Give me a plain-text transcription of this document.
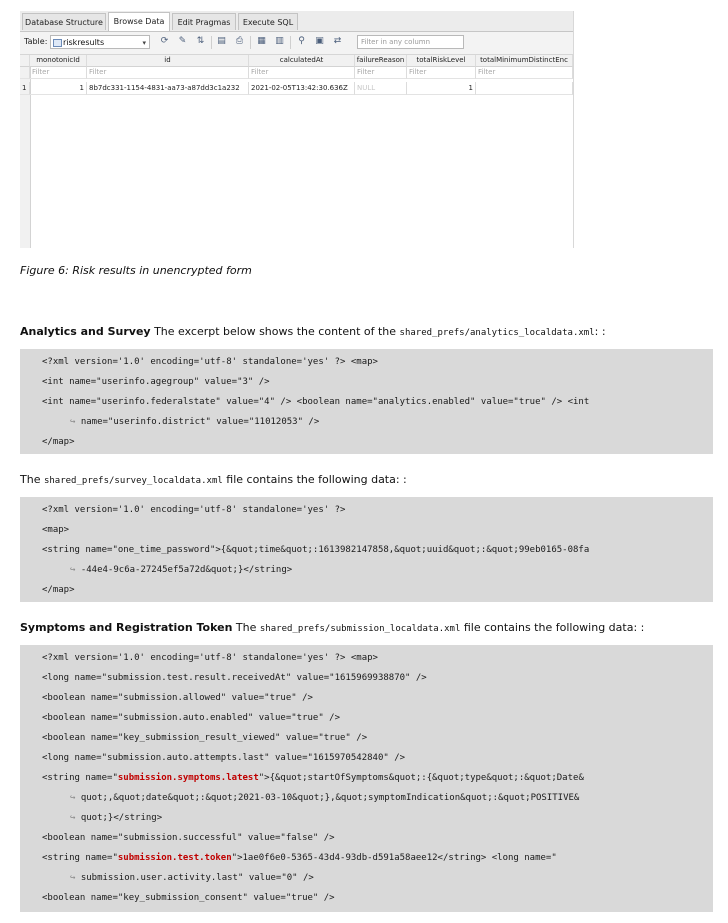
Database Structure	Browse Data	Edit Pragmas	Execute SQL
Table:	riskresults	▾ ⟳ ✎ ⇅ ▤ ⎙ ▦ ▥ ⚲ ▣ ⇄	Filter in any column
monotonicId	id	calculatedAt	failureReason	totalRiskLevel	totalMinimumDistinctEnc
Filter	Filter	Filter	Filter	Filter	Filter
1	1 8b7dc331-1154-4831-aa73-a87dd3c1a232	2021-02-05T13:42:30.636Z	NULL	1
Figure 6: Risk results in unencrypted form
Analytics and Survey The excerpt below shows the content of the shared_prefs/analytics_localdata.xml: :
<?xml version='1.0' encoding='utf-8' standalone='yes' ?> <map>
<int name="userinfo.agegroup" value="3" />
<int name="userinfo.federalstate" value="4" /> <boolean name="analytics.enabled" value="true" /> <int
↪ name="userinfo.district" value="11012053" />
</map>
The shared_prefs/survey_localdata.xml file contains the following data: :
<?xml version='1.0' encoding='utf-8' standalone='yes' ?>
<map>
<string name="one_time_password">{&quot;time&quot;:1613982147858,&quot;uuid&quot;:&quot;99eb0165-08fa
↪ -44e4-9c6a-27245ef5a72d&quot;}</string>
</map>
Symptoms and Registration Token The shared_prefs/submission_localdata.xml file contains the following data: :
<?xml version='1.0' encoding='utf-8' standalone='yes' ?> <map>
<long name="submission.test.result.receivedAt" value="1615969938870" />
<boolean name="submission.allowed" value="true" />
<boolean name="submission.auto.enabled" value="true" />
<boolean name="key_submission_result_viewed" value="true" />
<long name="submission.auto.attempts.last" value="1615970542840" />
<string name="submission.symptoms.latest">{&quot;startOfSymptoms&quot;:{&quot;type&quot;:&quot;Date&
↪ quot;,&quot;date&quot;:&quot;2021-03-10&quot;},&quot;symptomIndication&quot;:&quot;POSITIVE&
↪ quot;}</string>
<boolean name="submission.successful" value="false" />
<string name="submission.test.token">1ae0f6e0-5365-43d4-93db-d591a58aee12</string> <long name="
↪ submission.user.activity.last" value="0" />
<boolean name="key_submission_consent" value="true" />
